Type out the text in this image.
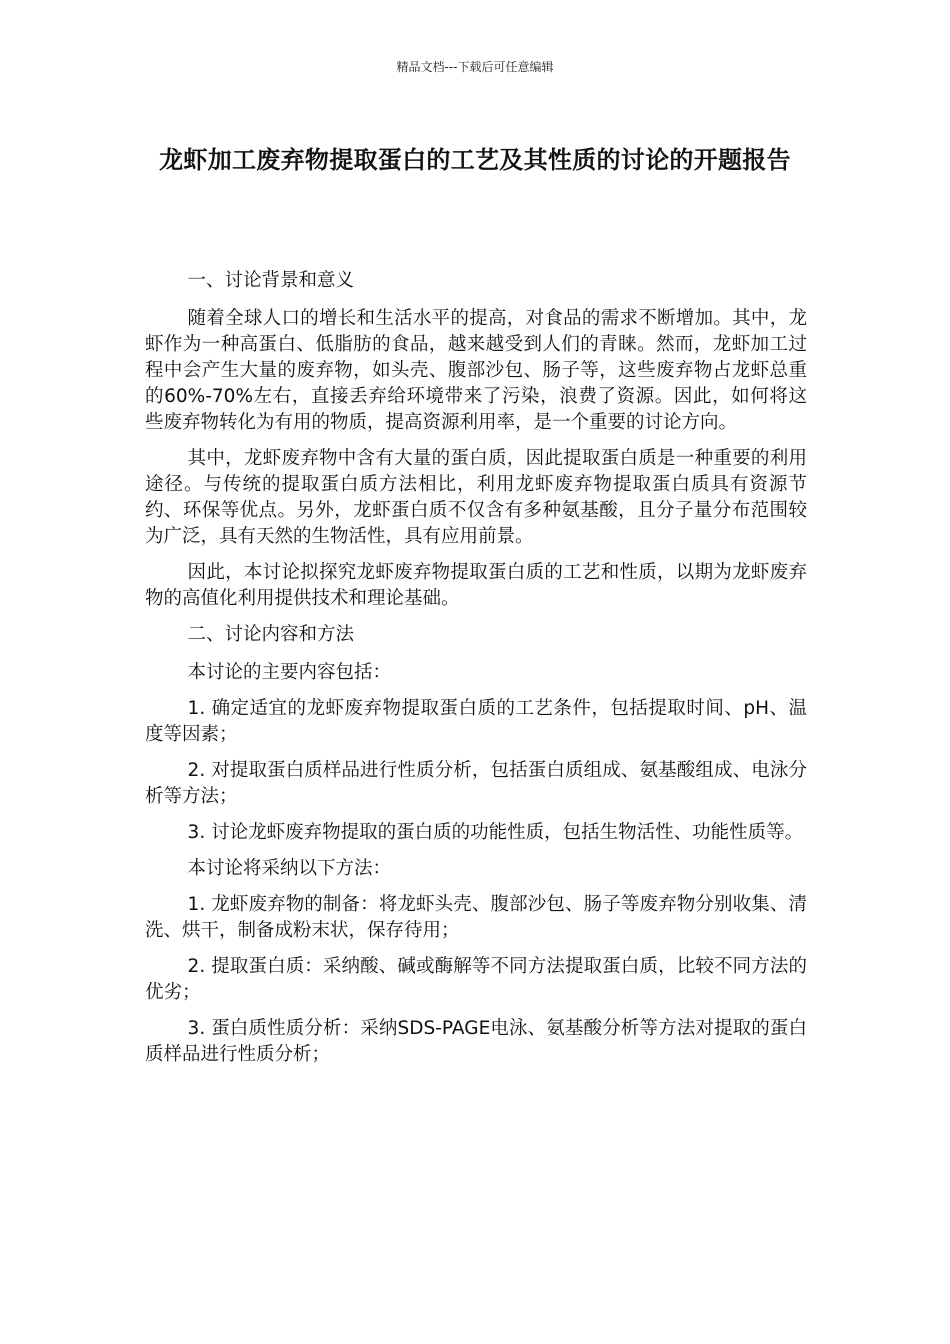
精品文档---下载后可任意编辑
龙虾加工废弃物提取蛋白的工艺及其性质的讨论的开题报告

一、讨论背景和意义

随着全球人口的增长和生活水平的提高，对食品的需求不断增加。其中，龙虾作为一种高蛋白、低脂肪的食品，越来越受到人们的青睐。然而，龙虾加工过程中会产生大量的废弃物，如头壳、腹部沙包、肠子等，这些废弃物占龙虾总重的60%-70%左右，直接丢弃给环境带来了污染，浪费了资源。因此，如何将这些废弃物转化为有用的物质，提高资源利用率，是一个重要的讨论方向。

其中，龙虾废弃物中含有大量的蛋白质，因此提取蛋白质是一种重要的利用途径。与传统的提取蛋白质方法相比，利用龙虾废弃物提取蛋白质具有资源节约、环保等优点。另外，龙虾蛋白质不仅含有多种氨基酸，且分子量分布范围较为广泛，具有天然的生物活性，具有应用前景。

因此，本讨论拟探究龙虾废弃物提取蛋白质的工艺和性质，以期为龙虾废弃物的高值化利用提供技术和理论基础。

二、讨论内容和方法

本讨论的主要内容包括：

1. 确定适宜的龙虾废弃物提取蛋白质的工艺条件，包括提取时间、pH、温度等因素；

2. 对提取蛋白质样品进行性质分析，包括蛋白质组成、氨基酸组成、电泳分析等方法；

3. 讨论龙虾废弃物提取的蛋白质的功能性质，包括生物活性、功能性质等。

本讨论将采纳以下方法：

1. 龙虾废弃物的制备：将龙虾头壳、腹部沙包、肠子等废弃物分别收集、清洗、烘干，制备成粉末状，保存待用；

2. 提取蛋白质：采纳酸、碱或酶解等不同方法提取蛋白质，比较不同方法的优劣；

3. 蛋白质性质分析：采纳SDS-PAGE电泳、氨基酸分析等方法对提取的蛋白质样品进行性质分析；
